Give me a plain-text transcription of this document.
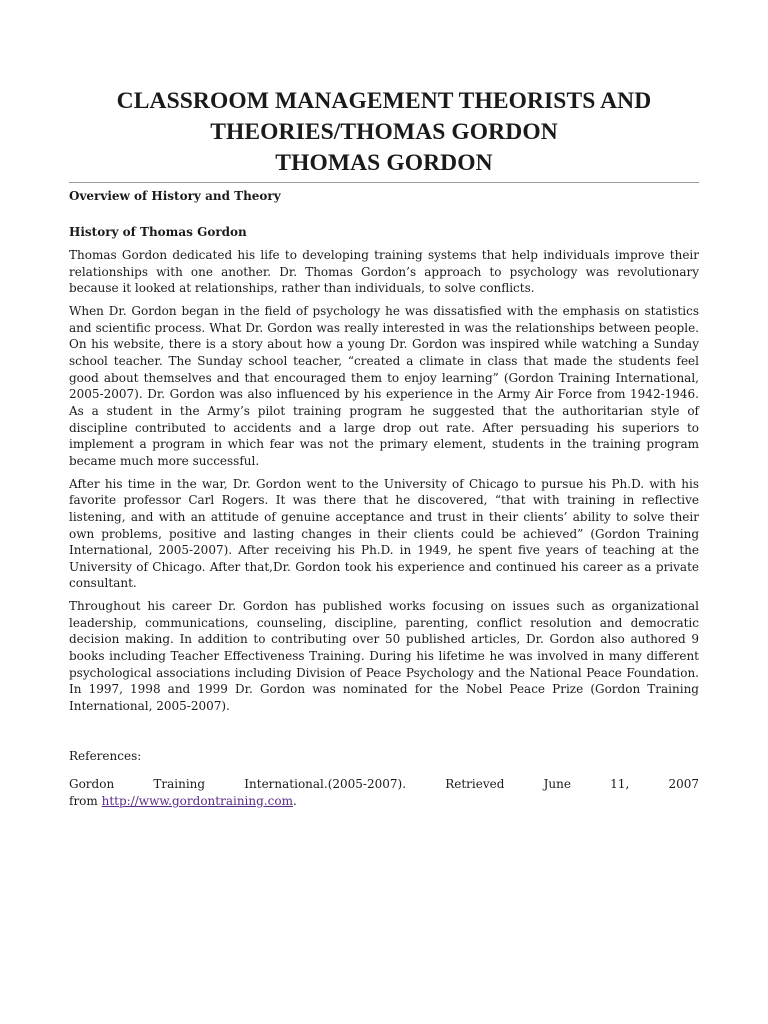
CLASSROOM MANAGEMENT THEORISTS AND
THEORIES/THOMAS GORDON
THOMAS GORDON

Overview of History and Theory

History of Thomas Gordon

Thomas Gordon dedicated his life to developing training systems that help individuals improve their relationships with one another. Dr. Thomas Gordon’s approach to psychology was revolutionary because it looked at relationships, rather than individuals, to solve conflicts.

When Dr. Gordon began in the field of psychology he was dissatisfied with the emphasis on statistics and scientific process. What Dr. Gordon was really interested in was the relationships between people. On his website, there is a story about how a young Dr. Gordon was inspired while watching a Sunday school teacher. The Sunday school teacher, “created a climate in class that made the students feel good about themselves and that encouraged them to enjoy learning” (Gordon Training International, 2005-2007). Dr. Gordon was also influenced by his experience in the Army Air Force from 1942-1946. As a student in the Army’s pilot training program he suggested that the authoritarian style of discipline contributed to accidents and a large drop out rate. After persuading his superiors to implement a program in which fear was not the primary element, students in the training program became much more successful.

After his time in the war, Dr. Gordon went to the University of Chicago to pursue his Ph.D. with his favorite professor Carl Rogers. It was there that he discovered, “that with training in reflective listening, and with an attitude of genuine acceptance and trust in their clients’ ability to solve their own problems, positive and lasting changes in their clients could be achieved” (Gordon Training International, 2005-2007). After receiving his Ph.D. in 1949, he spent five years of teaching at the University of Chicago. After that,Dr. Gordon took his experience and continued his career as a private consultant.

Throughout his career Dr. Gordon has published works focusing on issues such as organizational leadership, communications, counseling, discipline, parenting, conflict resolution and democratic decision making. In addition to contributing over 50 published articles, Dr. Gordon also authored 9 books including Teacher Effectiveness Training. During his lifetime he was involved in many different psychological associations including Division of Peace Psychology and the National Peace Foundation. In 1997, 1998 and 1999 Dr. Gordon was nominated for the Nobel Peace Prize (Gordon Training International, 2005-2007).

References:

Gordon	Training	International.(2005-2007).	Retrieved	June	11,	2007
from http://www.gordontraining.com.
